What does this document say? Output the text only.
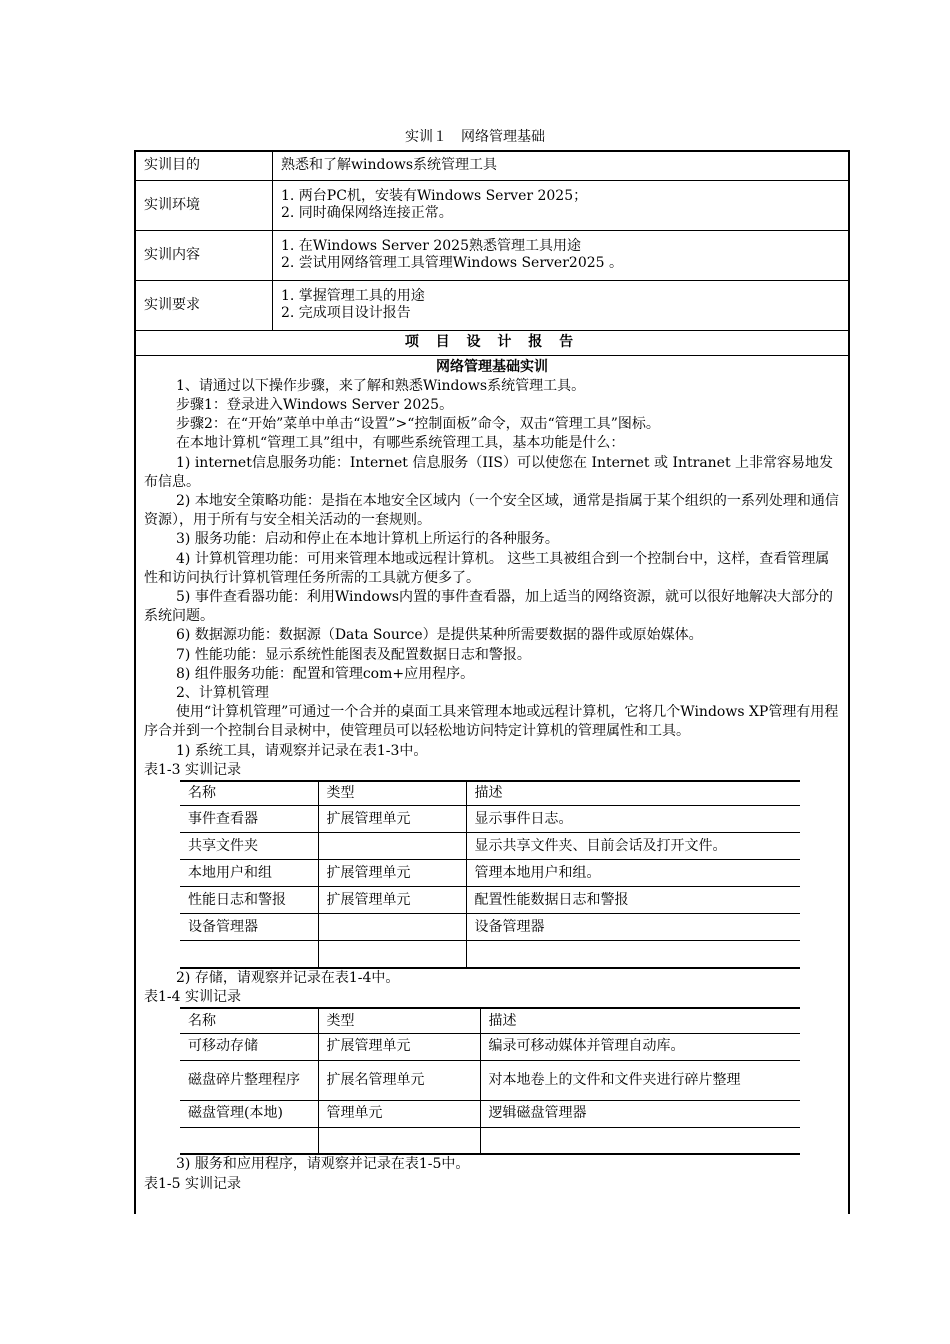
实训１　网络管理基础
实训目的	熟悉和了解windows系统管理工具

实训环境	1. 两台PC机，安装有Windows Server 2025；
2. 同时确保网络连接正常。

实训内容	1. 在Windows Server 2025熟悉管理工具用途
2. 尝试用网络管理工具管理Windows Server2025 。

实训要求	1. 掌握管理工具的用途
2. 完成项目设计报告

项 目 设 计 报 告	

网络管理基础实训

1、请通过以下操作步骤，来了解和熟悉Windows系统管理工具。

步骤1：登录进入Windows Server 2025。

步骤2：在“开始”菜单中单击“设置”>“控制面板”命令，双击“管理工具”图标。

在本地计算机“管理工具”组中，有哪些系统管理工具，基本功能是什么：

1) internet信息服务功能：Internet 信息服务（IIS）可以使您在 Internet 或 Intranet 上非常容易地发布信息。

2) 本地安全策略功能：是指在本地安全区域内（一个安全区域，通常是指属于某个组织的一系列处理和通信资源），用于所有与安全相关活动的一套规则。

3) 服务功能：启动和停止在本地计算机上所运行的各种服务。

4) 计算机管理功能：可用来管理本地或远程计算机。 这些工具被组合到一个控制台中，这样，查看管理属性和访问执行计算机管理任务所需的工具就方便多了。

5) 事件查看器功能：利用Windows内置的事件查看器，加上适当的网络资源，就可以很好地解决大部分的系统问题。

6) 数据源功能：数据源（Data Source）是提供某种所需要数据的器件或原始媒体。

7) 性能功能：显示系统性能图表及配置数据日志和警报。

8) 组件服务功能：配置和管理com+应用程序。

2、计算机管理

使用“计算机管理”可通过一个合并的桌面工具来管理本地或远程计算机，它将几个Windows XP管理有用程序合并到一个控制台目录树中，使管理员可以轻松地访问特定计算机的管理属性和工具。

1) 系统工具，请观察并记录在表1-3中。

表1-3 实训记录

名称	类型	描述
事件查看器	扩展管理单元	显示事件日志。
共享文件夹		显示共享文件夹、目前会话及打开文件。
本地用户和组	扩展管理单元	管理本地用户和组。
性能日志和警报	扩展管理单元	配置性能数据日志和警报
设备管理器		设备管理器

2) 存储，请观察并记录在表1-4中。

表1-4 实训记录

名称	类型	描述
可移动存储	扩展管理单元	编录可移动媒体并管理自动库。
磁盘碎片整理程序	扩展名管理单元	对本地卷上的文件和文件夹进行碎片整理
磁盘管理(本地)	管理单元	逻辑磁盘管理器

3) 服务和应用程序，请观察并记录在表1-5中。

表1-5 实训记录
